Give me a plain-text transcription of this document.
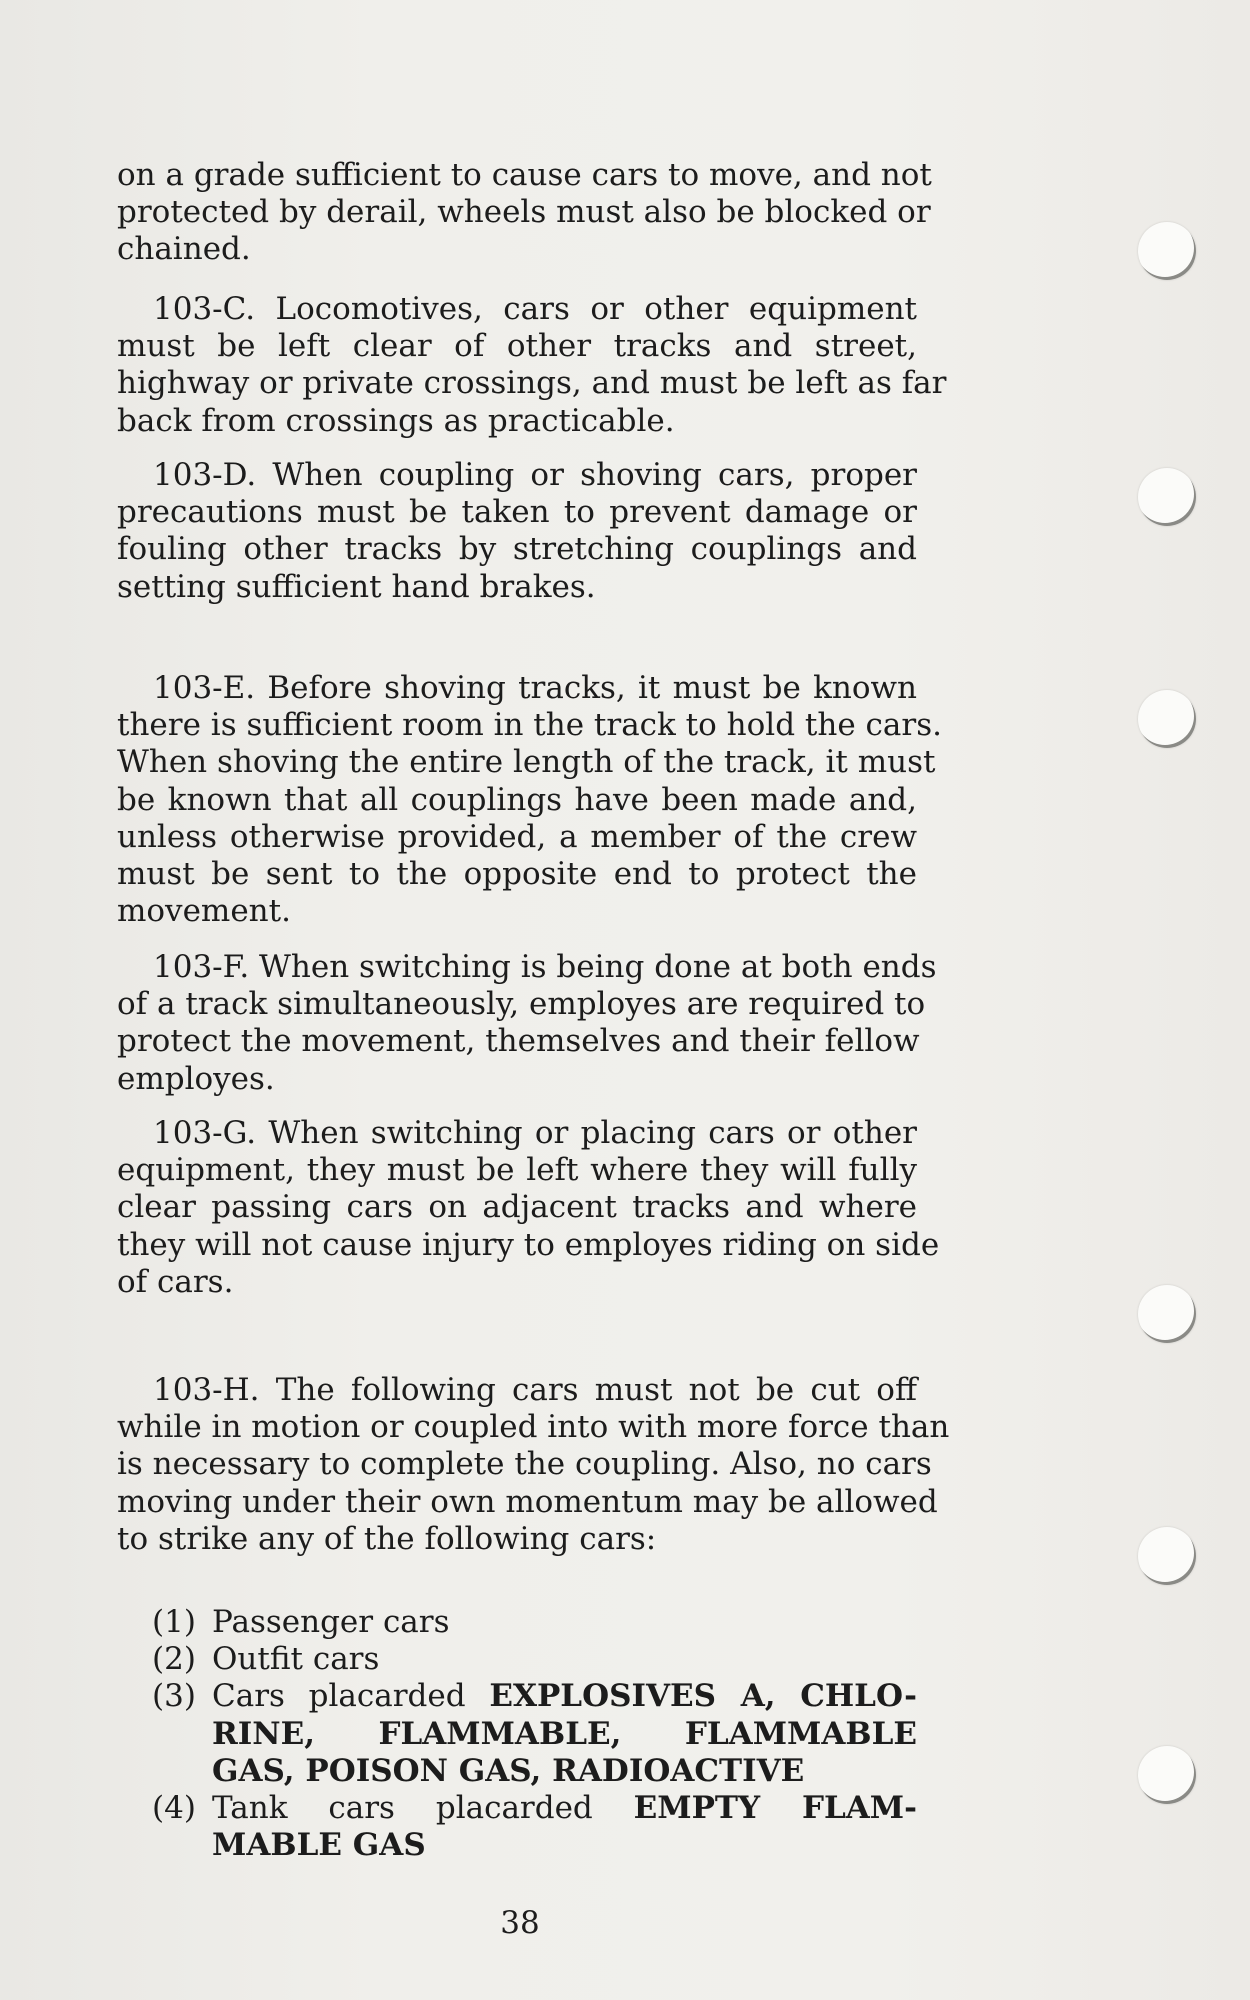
on a grade sufficient to cause cars to move, and not
protected by derail, wheels must also be blocked or
chained.

103-C. Locomotives, cars or other equipment
must be left clear of other tracks and street,
highway or private crossings, and must be left as far
back from crossings as practicable.

103-D. When coupling or shoving cars, proper
precautions must be taken to prevent damage or
fouling other tracks by stretching couplings and
setting sufficient hand brakes.

103-E. Before shoving tracks, it must be known
there is sufficient room in the track to hold the cars.
When shoving the entire length of the track, it must
be known that all couplings have been made and,
unless otherwise provided, a member of the crew
must be sent to the opposite end to protect the
movement.

103-F. When switching is being done at both ends
of a track simultaneously, employes are required to
protect the movement, themselves and their fellow
employes.

103-G. When switching or placing cars or other
equipment, they must be left where they will fully
clear passing cars on adjacent tracks and where
they will not cause injury to employes riding on side
of cars.

103-H. The following cars must not be cut off
while in motion or coupled into with more force than
is necessary to complete the coupling. Also, no cars
moving under their own momentum may be allowed
to strike any of the following cars:

(1) Passenger cars
(2) Outfit cars
(3) Cars placarded EXPLOSIVES A, CHLO-
RINE, FLAMMABLE, FLAMMABLE
GAS, POISON GAS, RADIOACTIVE
(4) Tank cars placarded EMPTY FLAM-
MABLE GAS
38
